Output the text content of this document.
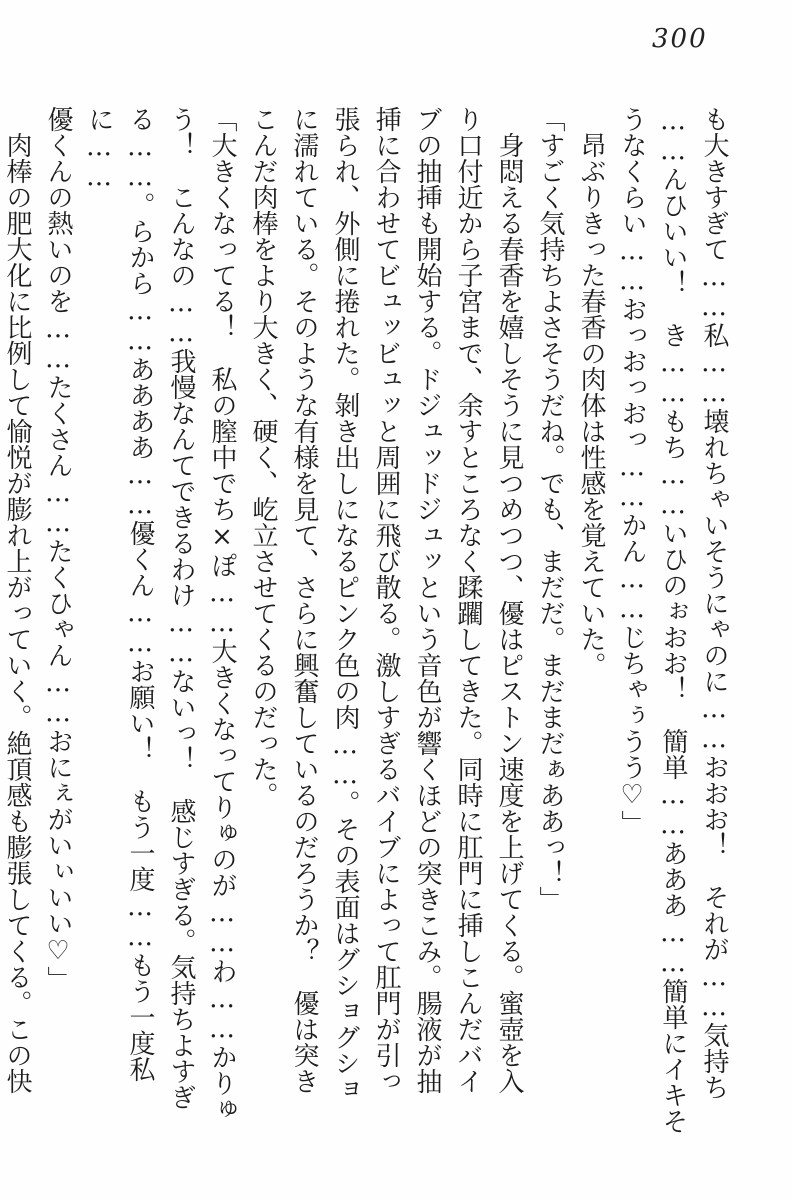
300

も大きすぎて……私……壊れちゃいそうにゃのに……おおお！　それが……気持ち

……んひいい！　き……もち……いひのぉおお！　簡単……あああ……簡単にイキそ

うなくらい……おっおっおっ……かん……じちゃぅうう♡」

昂ぶりきった春香の肉体は性感を覚えていた。

「すごく気持ちよさそうだね。でも、まだだ。まだまだぁああっ！」

身悶える春香を嬉しそうに見つめつつ、優はピストン速度を上げてくる。蜜壺を入

り口付近から子宮まで、余すところなく蹂躙してきた。同時に肛門に挿しこんだバイ

ブの抽挿も開始する。ドジュッドジュッという音色が響くほどの突きこみ。腸液が抽

挿に合わせてビュッビュッと周囲に飛び散る。激しすぎるバイブによって肛門が引っ

張られ、外側に捲れた。剝き出しになるピンク色の肉……。その表面はグショグショ

に濡れている。そのような有様を見て、さらに興奮しているのだろうか？　優は突き

こんだ肉棒をより大きく、硬く、屹立させてくるのだった。

「大きくなってる！　私の膣中でち×ぽ……大きくなってりゅのが……わ……かりゅ

う！　こんなの……我慢なんてできるわけ……ないっ！　感じすぎる。気持ちよすぎ

る……。らから……ああああ……優くん……お願い！　もう一度……もう一度私に……

優くんの熱いのを……たくさん……たくひゃん……おにぇがいぃいい♡」

肉棒の肥大化に比例して愉悦が膨れ上がっていく。絶頂感も膨張してくる。この快
